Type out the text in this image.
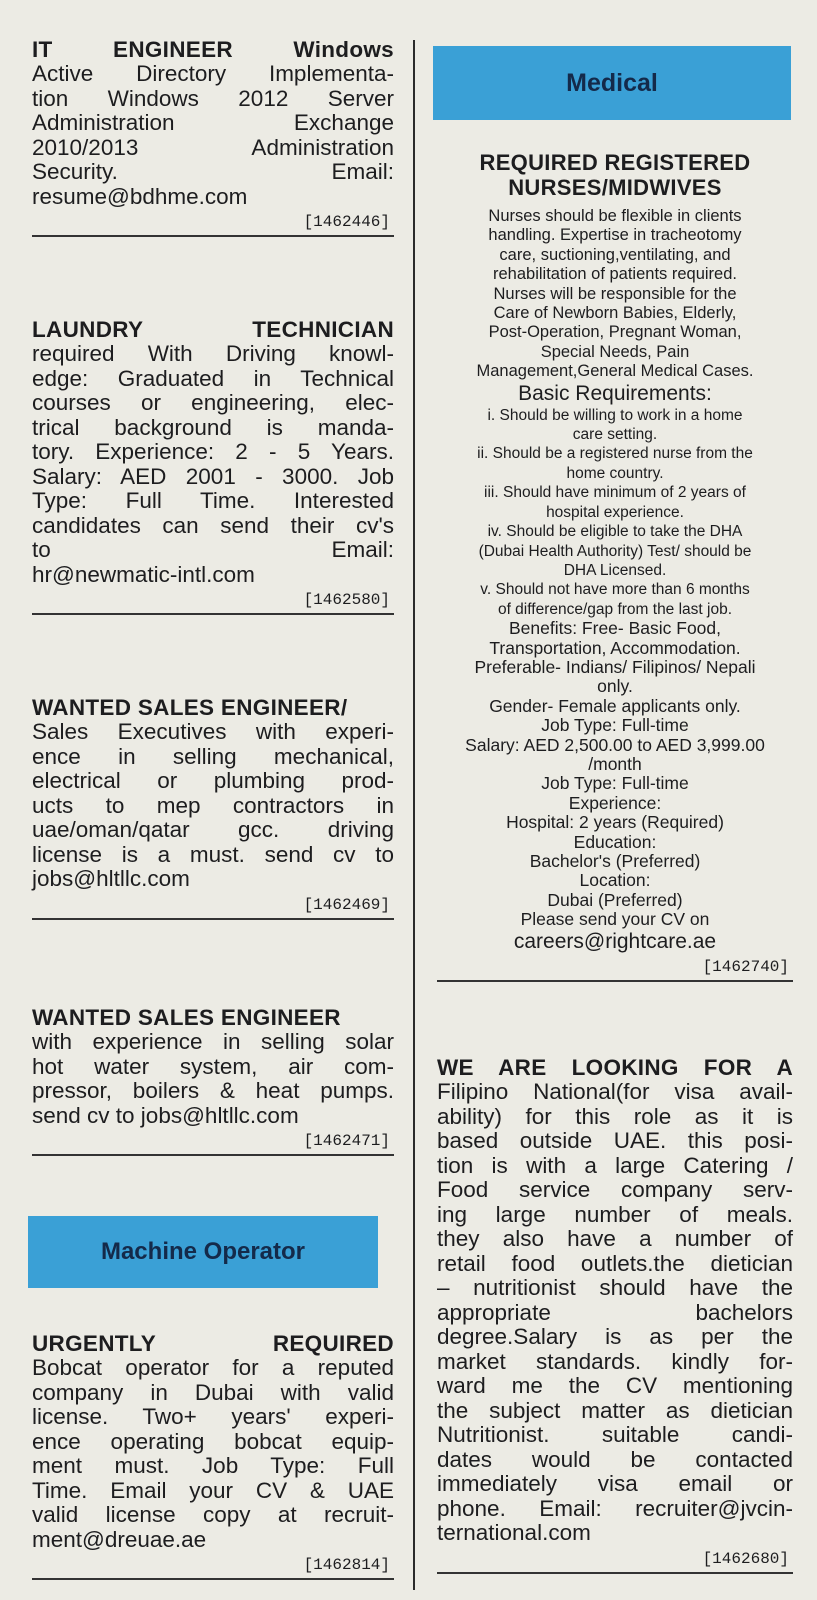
IT ENGINEER Windows
Active Directory Implementa-
tion Windows 2012 Server
Administration Exchange
2010/2013 Administration
Security. Email:
resume@bdhme.com
[1462446]
LAUNDRY TECHNICIAN
required With Driving knowl-
edge: Graduated in Technical
courses or engineering, elec-
trical background is manda-
tory. Experience: 2 - 5 Years.
Salary: AED 2001 - 3000. Job
Type: Full Time. Interested
candidates can send their cv's
to Email:
hr@newmatic-intl.com
[1462580]
WANTED SALES ENGINEER/
Sales Executives with experi-
ence in selling mechanical,
electrical or plumbing prod-
ucts to mep contractors in
uae/oman/qatar gcc. driving
license is a must. send cv to
jobs@hltllc.com
[1462469]
WANTED SALES ENGINEER
with experience in selling solar
hot water system, air com-
pressor, boilers & heat pumps.
send cv to jobs@hltllc.com
[1462471]
Machine Operator
URGENTLY REQUIRED
Bobcat operator for a reputed
company in Dubai with valid
license. Two+ years' experi-
ence operating bobcat equip-
ment must. Job Type: Full
Time. Email your CV & UAE
valid license copy at recruit-
ment@dreuae.ae
[1462814]
Medical
REQUIRED REGISTERED
NURSES/MIDWIVES
Nurses should be flexible in clients
handling. Expertise in tracheotomy
care, suctioning,ventilating, and
rehabilitation of patients required.
Nurses will be responsible for the
Care of Newborn Babies, Elderly,
Post-Operation, Pregnant Woman,
Special Needs, Pain
Management,General Medical Cases.
Basic Requirements:
i. Should be willing to work in a home
care setting.
ii. Should be a registered nurse from the
home country.
iii. Should have minimum of 2 years of
hospital experience.
iv. Should be eligible to take the DHA
(Dubai Health Authority) Test/ should be
DHA Licensed.
v. Should not have more than 6 months
of difference/gap from the last job.
Benefits: Free- Basic Food,
Transportation, Accommodation.
Preferable- Indians/ Filipinos/ Nepali
only.
Gender- Female applicants only.
Job Type: Full-time
Salary: AED 2,500.00 to AED 3,999.00
/month
Job Type: Full-time
Experience:
Hospital: 2 years (Required)
Education:
Bachelor's (Preferred)
Location:
Dubai (Preferred)
Please send your CV on
careers@rightcare.ae
[1462740]
WE ARE LOOKING FOR A
Filipino National(for visa avail-
ability) for this role as it is
based outside UAE. this posi-
tion is with a large Catering /
Food service company serv-
ing large number of meals.
they also have a number of
retail food outlets.the dietician
– nutritionist should have the
appropriate bachelors
degree.Salary is as per the
market standards. kindly for-
ward me the CV mentioning
the subject matter as dietician
Nutritionist. suitable candi-
dates would be contacted
immediately visa email or
phone. Email: recruiter@jvcin-
ternational.com
[1462680]
